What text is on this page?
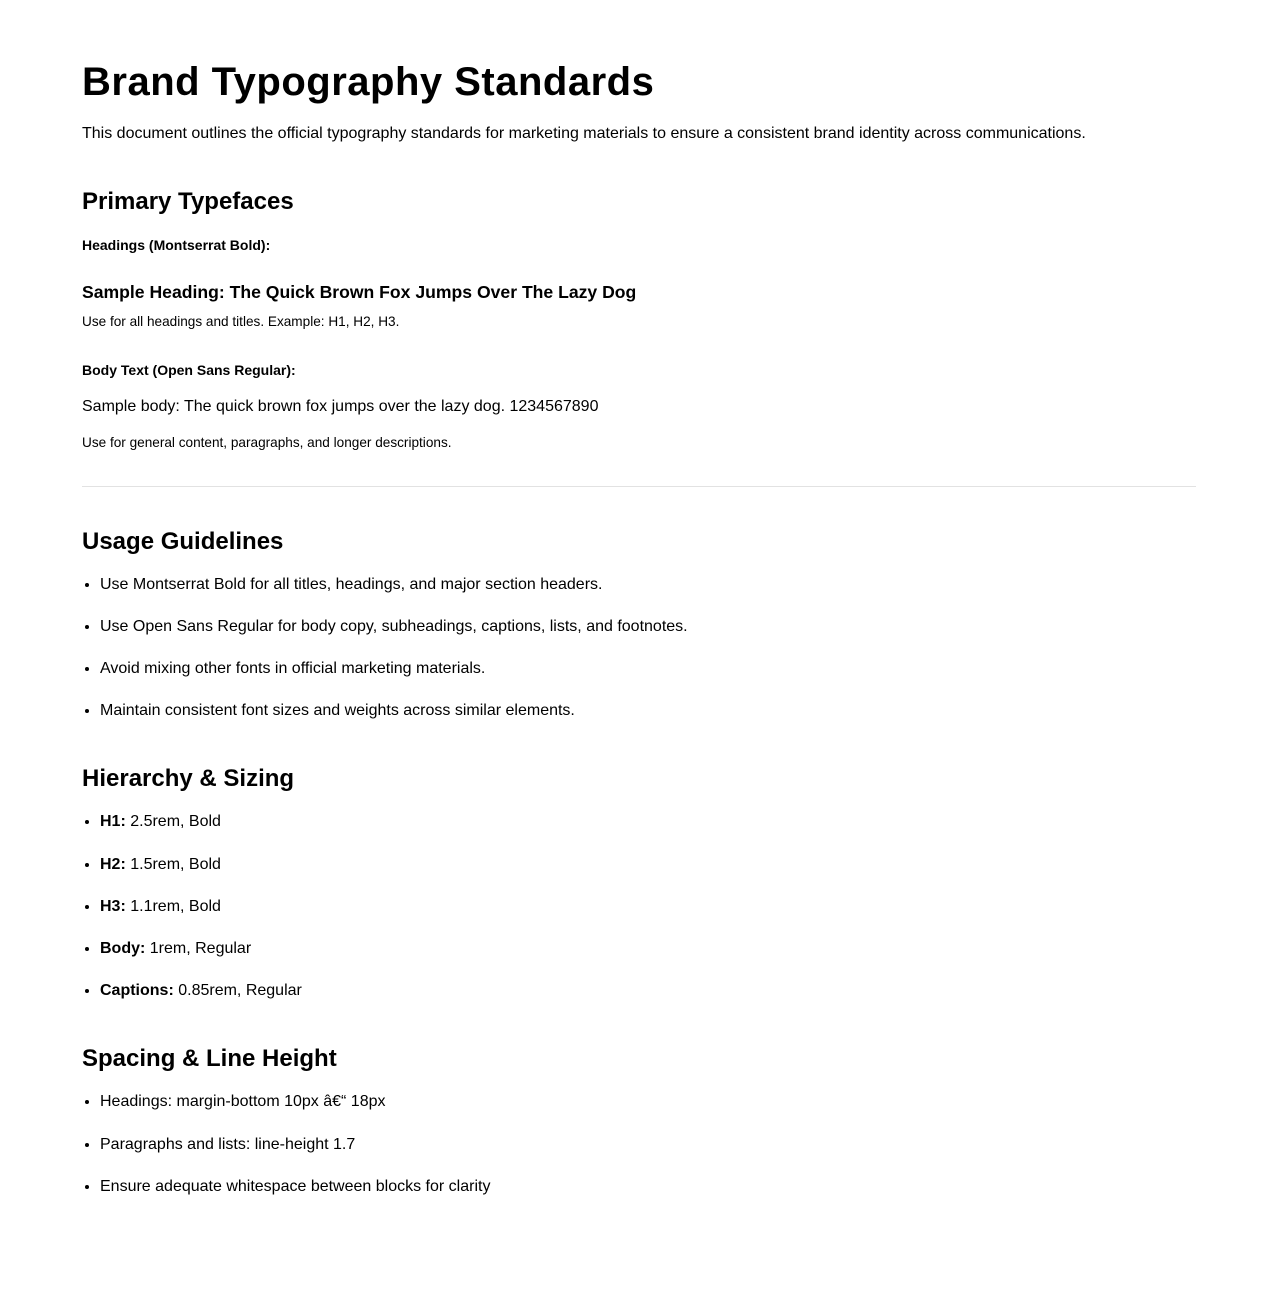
Brand Typography Standards

This document outlines the official typography standards for marketing materials to ensure a consistent brand identity across communications.

Primary Typefaces

Headings (Montserrat Bold):

Sample Heading: The Quick Brown Fox Jumps Over The Lazy Dog

Use for all headings and titles. Example: H1, H2, H3.

Body Text (Open Sans Regular):

Sample body: The quick brown fox jumps over the lazy dog. 1234567890

Use for general content, paragraphs, and longer descriptions.

Usage Guidelines
• Use Montserrat Bold for all titles, headings, and major section headers.
• Use Open Sans Regular for body copy, subheadings, captions, lists, and footnotes.
• Avoid mixing other fonts in official marketing materials.
• Maintain consistent font sizes and weights across similar elements.
Hierarchy & Sizing
• H1: 2.5rem, Bold
• H2: 1.5rem, Bold
• H3: 1.1rem, Bold
• Body: 1rem, Regular
• Captions: 0.85rem, Regular
Spacing & Line Height
• Headings: margin-bottom 10px â€“ 18px
• Paragraphs and lists: line-height 1.7
• Ensure adequate whitespace between blocks for clarity
